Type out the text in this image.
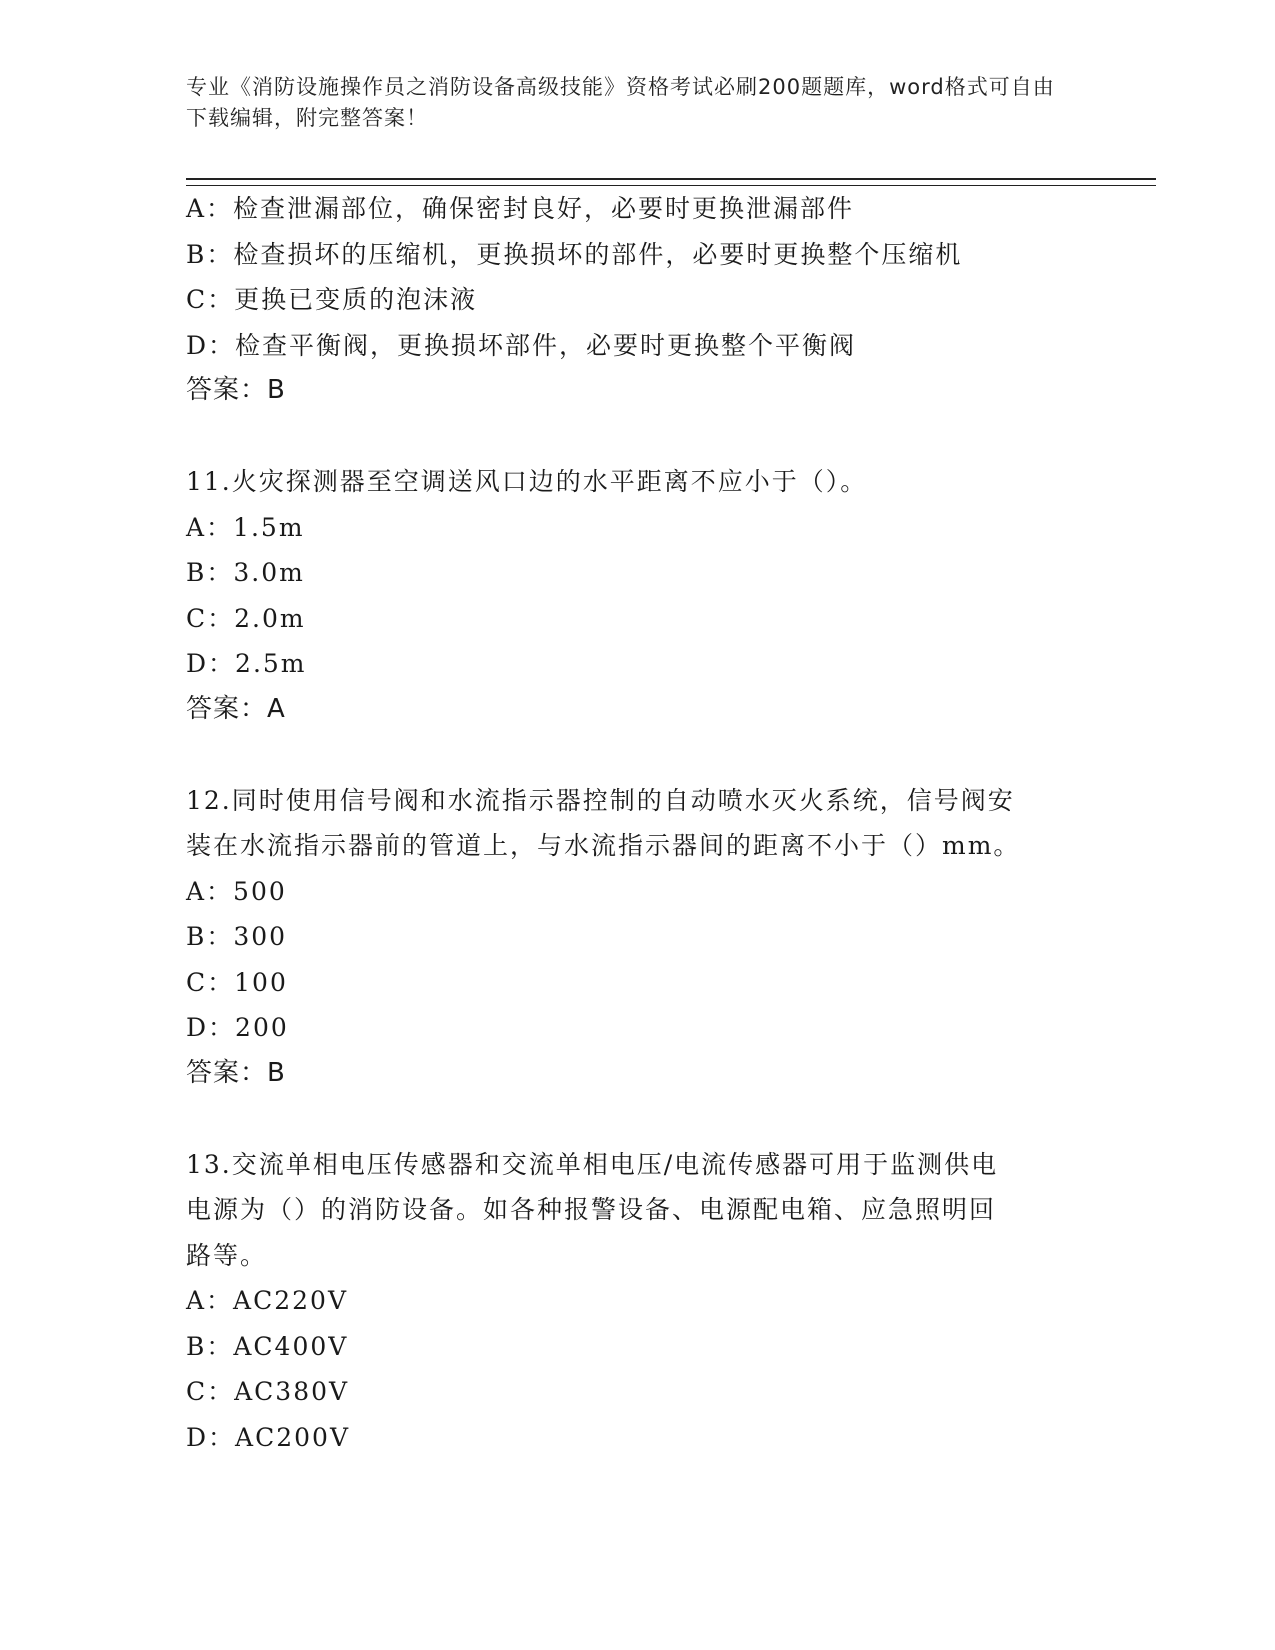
专业《消防设施操作员之消防设备高级技能》资格考试必刷200题题库，word格式可自由下载编辑，附完整答案！
A：检查泄漏部位，确保密封良好，必要时更换泄漏部件
B：检查损坏的压缩机，更换损坏的部件，必要时更换整个压缩机
C：更换已变质的泡沫液
D：检查平衡阀，更换损坏部件，必要时更换整个平衡阀
答案：B
11.火灾探测器至空调送风口边的水平距离不应小于（）。
A：1.5m
B：3.0m
C：2.0m
D：2.5m
答案：A
12.同时使用信号阀和水流指示器控制的自动喷水灭火系统，信号阀安
装在水流指示器前的管道上，与水流指示器间的距离不小于（）mm。
A：500
B：300
C：100
D：200
答案：B
13.交流单相电压传感器和交流单相电压/电流传感器可用于监测供电
电源为（）的消防设备。如各种报警设备、电源配电箱、应急照明回
路等。
A：AC220V
B：AC400V
C：AC380V
D：AC200V
